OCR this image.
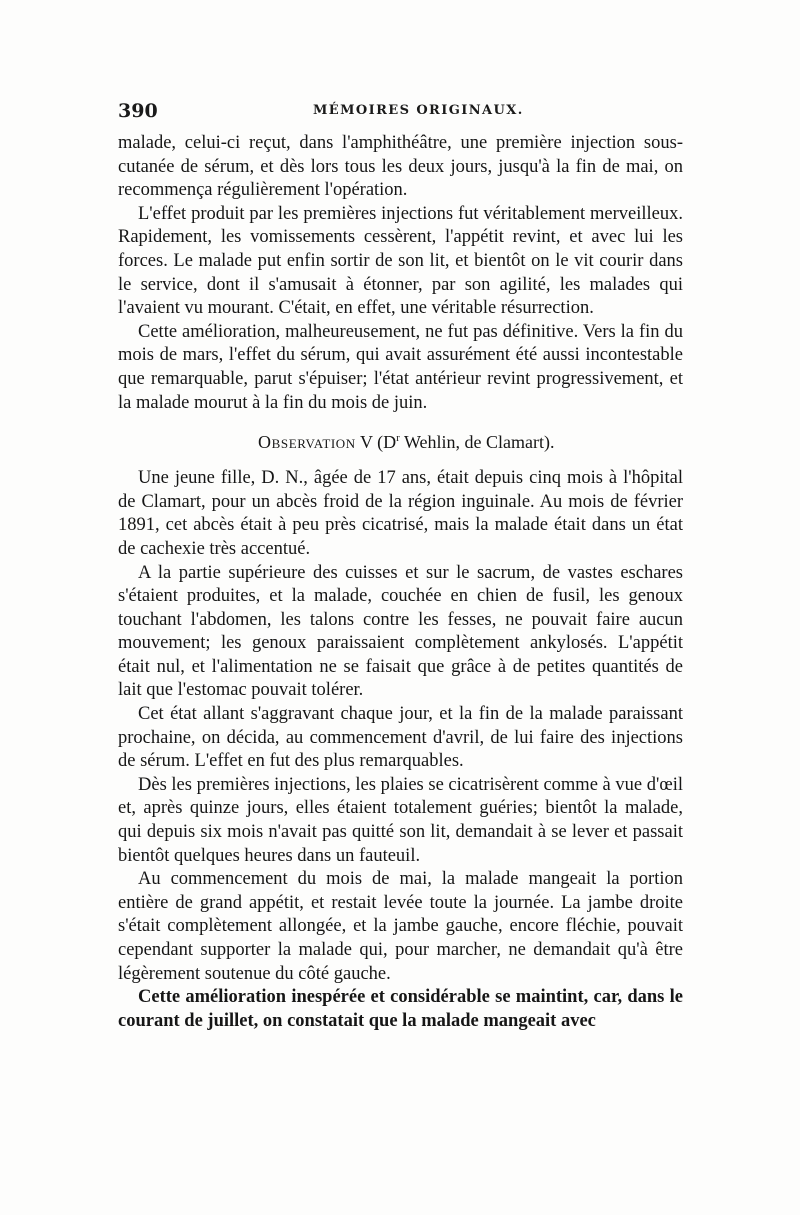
390	MÉMOIRES ORIGINAUX.

malade, celui-ci reçut, dans l'amphithéâtre, une première injection sous-cutanée de sérum, et dès lors tous les deux jours, jusqu'à la fin de mai, on recommença régulièrement l'opération.

L'effet produit par les premières injections fut véritablement merveilleux. Rapidement, les vomissements cessèrent, l'appétit revint, et avec lui les forces. Le malade put enfin sortir de son lit, et bientôt on le vit courir dans le service, dont il s'amusait à étonner, par son agilité, les malades qui l'avaient vu mourant. C'était, en effet, une véritable résurrection.

Cette amélioration, malheureusement, ne fut pas définitive. Vers la fin du mois de mars, l'effet du sérum, qui avait assurément été aussi incontestable que remarquable, parut s'épuiser; l'état antérieur revint progressivement, et la malade mourut à la fin du mois de juin.

Observation V ($D^r$ Wehlin, de Clamart).

Une jeune fille, D. N., âgée de 17 ans, était depuis cinq mois à l'hôpital de Clamart, pour un abcès froid de la région inguinale. Au mois de février 1891, cet abcès était à peu près cicatrisé, mais la malade était dans un état de cachexie très accentué.

A la partie supérieure des cuisses et sur le sacrum, de vastes eschares s'étaient produites, et la malade, couchée en chien de fusil, les genoux touchant l'abdomen, les talons contre les fesses, ne pouvait faire aucun mouvement; les genoux paraissaient complètement ankylosés. L'appétit était nul, et l'alimentation ne se faisait que grâce à de petites quantités de lait que l'estomac pouvait tolérer.

Cet état allant s'aggravant chaque jour, et la fin de la malade paraissant prochaine, on décida, au commencement d'avril, de lui faire des injections de sérum. L'effet en fut des plus remarquables.

Dès les premières injections, les plaies se cicatrisèrent comme à vue d'œil et, après quinze jours, elles étaient totalement guéries; bientôt la malade, qui depuis six mois n'avait pas quitté son lit, demandait à se lever et passait bientôt quelques heures dans un fauteuil.

Au commencement du mois de mai, la malade mangeait la portion entière de grand appétit, et restait levée toute la journée. La jambe droite s'était complètement allongée, et la jambe gauche, encore fléchie, pouvait cependant supporter la malade qui, pour marcher, ne demandait qu'à être légèrement soutenue du côté gauche.

Cette amélioration inespérée et considérable se maintint, car, dans le courant de juillet, on constatait que la malade mangeait avec
